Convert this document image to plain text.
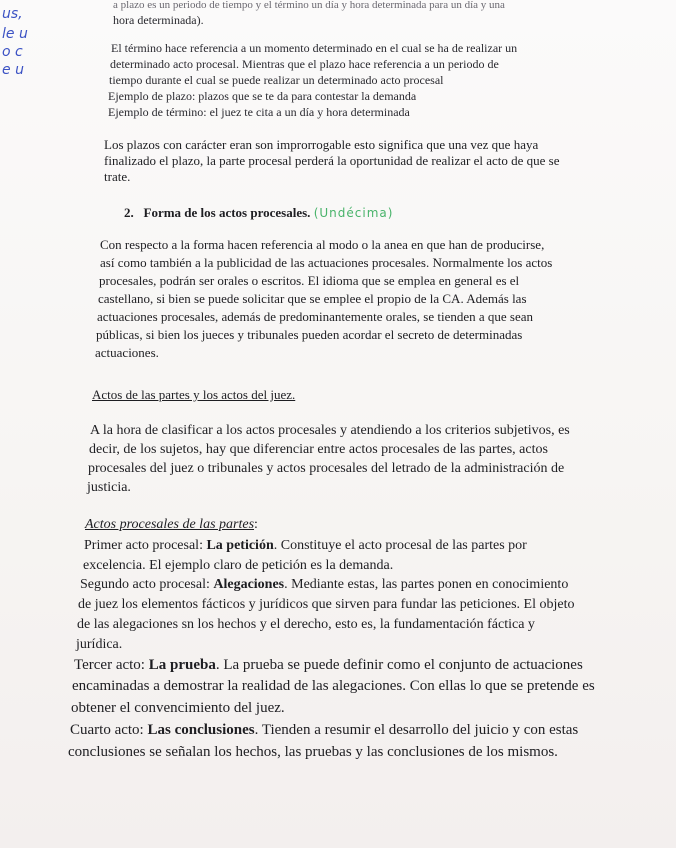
us,
le u
o c
e u
a plazo es un periodo de tiempo y el término un día y hora determinada para un día y una
hora determinada).
El término hace referencia a un momento determinado en el cual se ha de realizar un
determinado acto procesal. Mientras que el plazo hace referencia a un periodo de
tiempo durante el cual se puede realizar un determinado acto procesal
Ejemplo de plazo: plazos que se te da para contestar la demanda
Ejemplo de término: el juez te cita a un día y hora determinada
Los plazos con carácter eran son improrrogable esto significa que una vez que haya
finalizado el plazo, la parte procesal perderá la oportunidad de realizar el acto de que se
trate.
2. Forma de los actos procesales. (Undécima)
Con respecto a la forma hacen referencia al modo o la anea en que han de producirse,
así como también a la publicidad de las actuaciones procesales. Normalmente los actos
procesales, podrán ser orales o escritos. El idioma que se emplea en general es el
castellano, si bien se puede solicitar que se emplee el propio de la CA. Además las
actuaciones procesales, además de predominantemente orales, se tienden a que sean
públicas, si bien los jueces y tribunales pueden acordar el secreto de determinadas
actuaciones.
Actos de las partes y los actos del juez.
A la hora de clasificar a los actos procesales y atendiendo a los criterios subjetivos, es
decir, de los sujetos, hay que diferenciar entre actos procesales de las partes, actos
procesales del juez o tribunales y actos procesales del letrado de la administración de
justicia.
Actos procesales de las partes:
Primer acto procesal: La petición. Constituye el acto procesal de las partes por
excelencia. El ejemplo claro de petición es la demanda.
Segundo acto procesal: Alegaciones. Mediante estas, las partes ponen en conocimiento
de juez los elementos fácticos y jurídicos que sirven para fundar las peticiones. El objeto
de las alegaciones sn los hechos y el derecho, esto es, la fundamentación fáctica y
jurídica.
Tercer acto: La prueba. La prueba se puede definir como el conjunto de actuaciones
encaminadas a demostrar la realidad de las alegaciones. Con ellas lo que se pretende es
obtener el convencimiento del juez.
Cuarto acto: Las conclusiones. Tienden a resumir el desarrollo del juicio y con estas
conclusiones se señalan los hechos, las pruebas y las conclusiones de los mismos.
